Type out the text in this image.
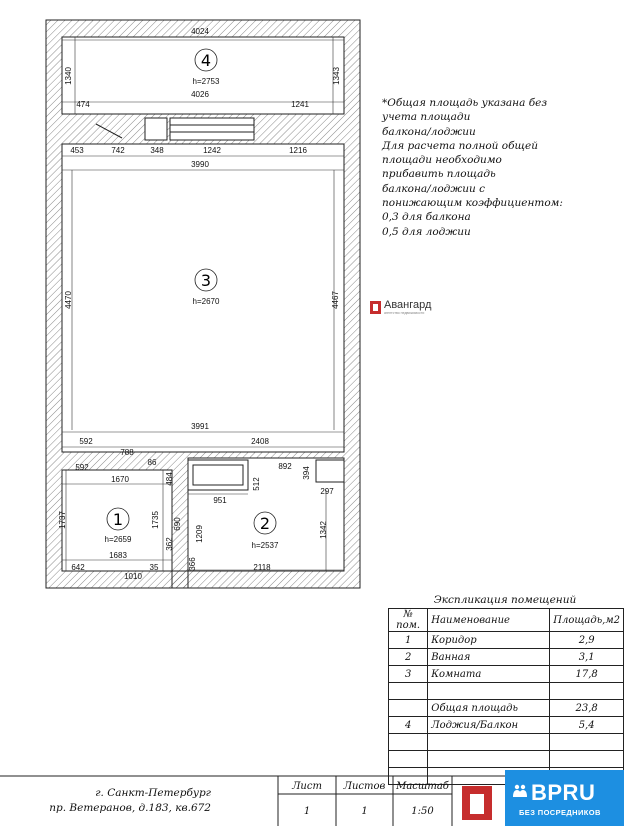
4024
1340	1343
4026
474	1241
453	742	348	1242	1216
3990
4470	4467
3991
592	2408
788
592
86
1670	484
892 394
297
512
951
1737	1735 690
362
1209	1342
1683
642	35	366
1010
2118
4
h=2753
3
h=2670
1
h=2659
2
h=2537
*Общая площадь указана без
учета площади
балкона/лоджии
Для расчета полной общей
площади необходимо
прибавить площадь
балкона/лоджии с
понижающим коэффициентом:
0,3 для балкона
0,5 для лоджии
Авангард
агентство недвижимости
Экспликация помещений
№ пом.	Наименование	Площадь,м2
1	Коридор	2,9
2	Ванная	3,1
3	Комната	17,8

	Общая площадь	23,8
4	Лоджия/Балкон	5,4

г. Санкт-Петербург
пр. Ветеранов, д.183, кв.672
Лист	Листов	Масштаб
1	1	1:50
BPRU
БЕЗ ПОСРЕДНИКОВ
